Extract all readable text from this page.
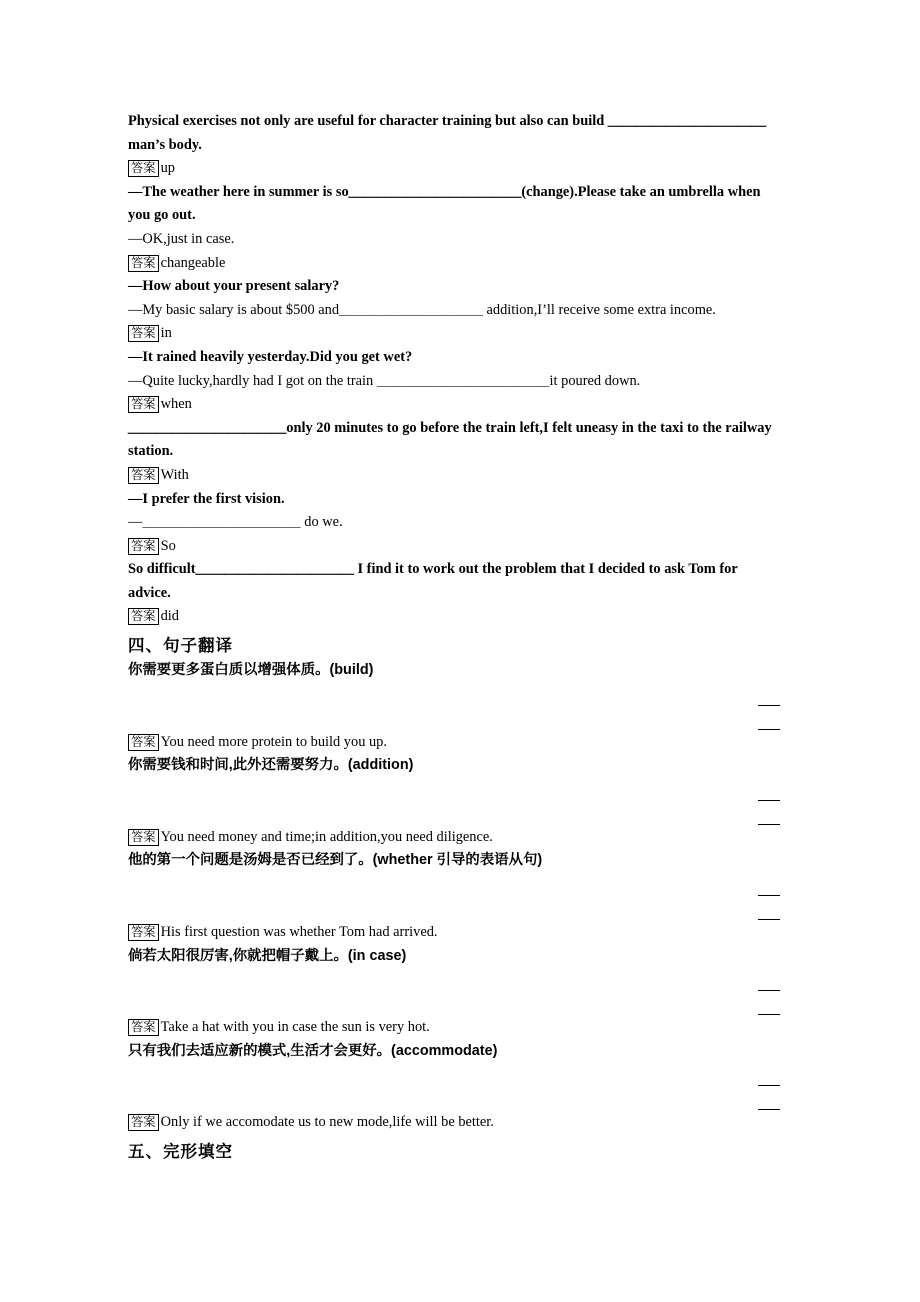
Physical exercises not only are useful for character training but also can build ＿＿＿＿＿＿＿＿＿＿＿ man’s body.

答案 up

—The weather here in summer is so＿＿＿＿＿＿＿＿＿＿＿＿(change).Please take an umbrella when you go out.

—OK,just in case.

答案 changeable

—How about your present salary?

—My basic salary is about $500 and＿＿＿＿＿＿＿＿＿＿ addition,I’ll receive some extra income.

答案 in

—It rained heavily yesterday.Did you get wet?

—Quite lucky,hardly had I got on the train ＿＿＿＿＿＿＿＿＿＿＿＿it poured down.

答案 when

＿＿＿＿＿＿＿＿＿＿＿only 20 minutes to go before the train left,I felt uneasy in the taxi to the railway station.

答案 With

—I prefer the first vision.

—＿＿＿＿＿＿＿＿＿＿＿ do we.

答案 So

So difficult＿＿＿＿＿＿＿＿＿＿＿ I find it to work out the problem that I decided to ask Tom for advice.

答案 did

四、句子翻译

你需要更多蛋白质以增强体质。(build)

答案 You need more protein to build you up.

你需要钱和时间,此外还需要努力。(addition)

答案 You need money and time;in addition,you need diligence.

他的第一个问题是汤姆是否已经到了。(whether 引导的表语从句)

答案 His first question was whether Tom had arrived.

倘若太阳很厉害,你就把帽子戴上。(in case)

答案 Take a hat with you in case the sun is very hot.

只有我们去适应新的模式,生活才会更好。(accommodate)

答案 Only if we accomodate us to new mode,life will be better.

五、完形填空
